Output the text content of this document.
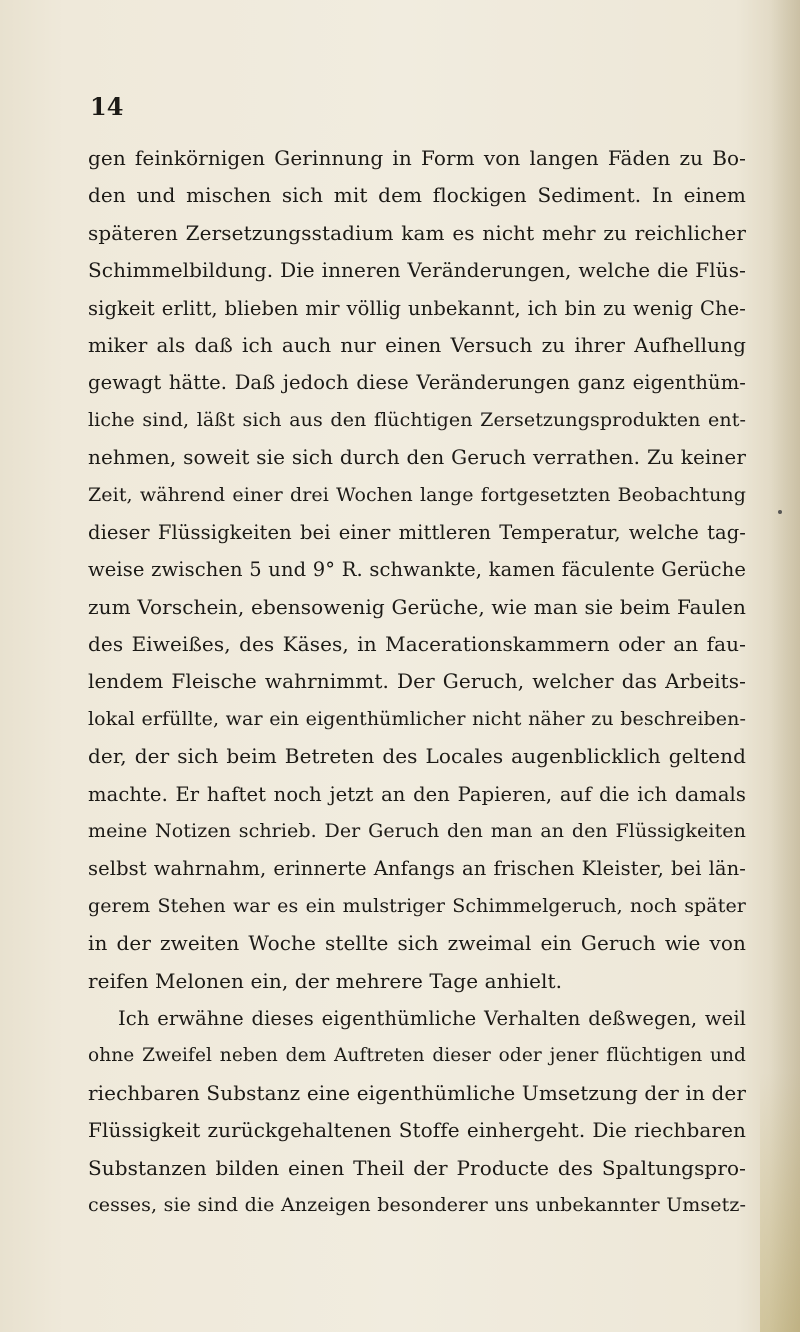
14
gen feinkörnigen Gerinnung in Form von langen Fäden zu Bo-
den und mischen sich mit dem flockigen Sediment. In einem
späteren Zersetzungsstadium kam es nicht mehr zu reichlicher
Schimmelbildung. Die inneren Veränderungen, welche die Flüs-
sigkeit erlitt, blieben mir völlig unbekannt, ich bin zu wenig Che-
miker als daß ich auch nur einen Versuch zu ihrer Aufhellung
gewagt hätte. Daß jedoch diese Veränderungen ganz eigenthüm-
liche sind, läßt sich aus den flüchtigen Zersetzungsprodukten ent-
nehmen, soweit sie sich durch den Geruch verrathen. Zu keiner
Zeit, während einer drei Wochen lange fortgesetzten Beobachtung
dieser Flüssigkeiten bei einer mittleren Temperatur, welche tag-
weise zwischen 5 und 9° R. schwankte, kamen fäculente Gerüche
zum Vorschein, ebensowenig Gerüche, wie man sie beim Faulen
des Eiweißes, des Käses, in Macerationskammern oder an fau-
lendem Fleische wahrnimmt. Der Geruch, welcher das Arbeits-
lokal erfüllte, war ein eigenthümlicher nicht näher zu beschreiben-
der, der sich beim Betreten des Locales augenblicklich geltend
machte. Er haftet noch jetzt an den Papieren, auf die ich damals
meine Notizen schrieb. Der Geruch den man an den Flüssigkeiten
selbst wahrnahm, erinnerte Anfangs an frischen Kleister, bei län-
gerem Stehen war es ein mulstriger Schimmelgeruch, noch später
in der zweiten Woche stellte sich zweimal ein Geruch wie von
reifen Melonen ein, der mehrere Tage anhielt.
Ich erwähne dieses eigenthümliche Verhalten deßwegen, weil
ohne Zweifel neben dem Auftreten dieser oder jener flüchtigen und
riechbaren Substanz eine eigenthümliche Umsetzung der in der
Flüssigkeit zurückgehaltenen Stoffe einhergeht. Die riechbaren
Substanzen bilden einen Theil der Producte des Spaltungspro-
cesses, sie sind die Anzeigen besonderer uns unbekannter Umsetz-
